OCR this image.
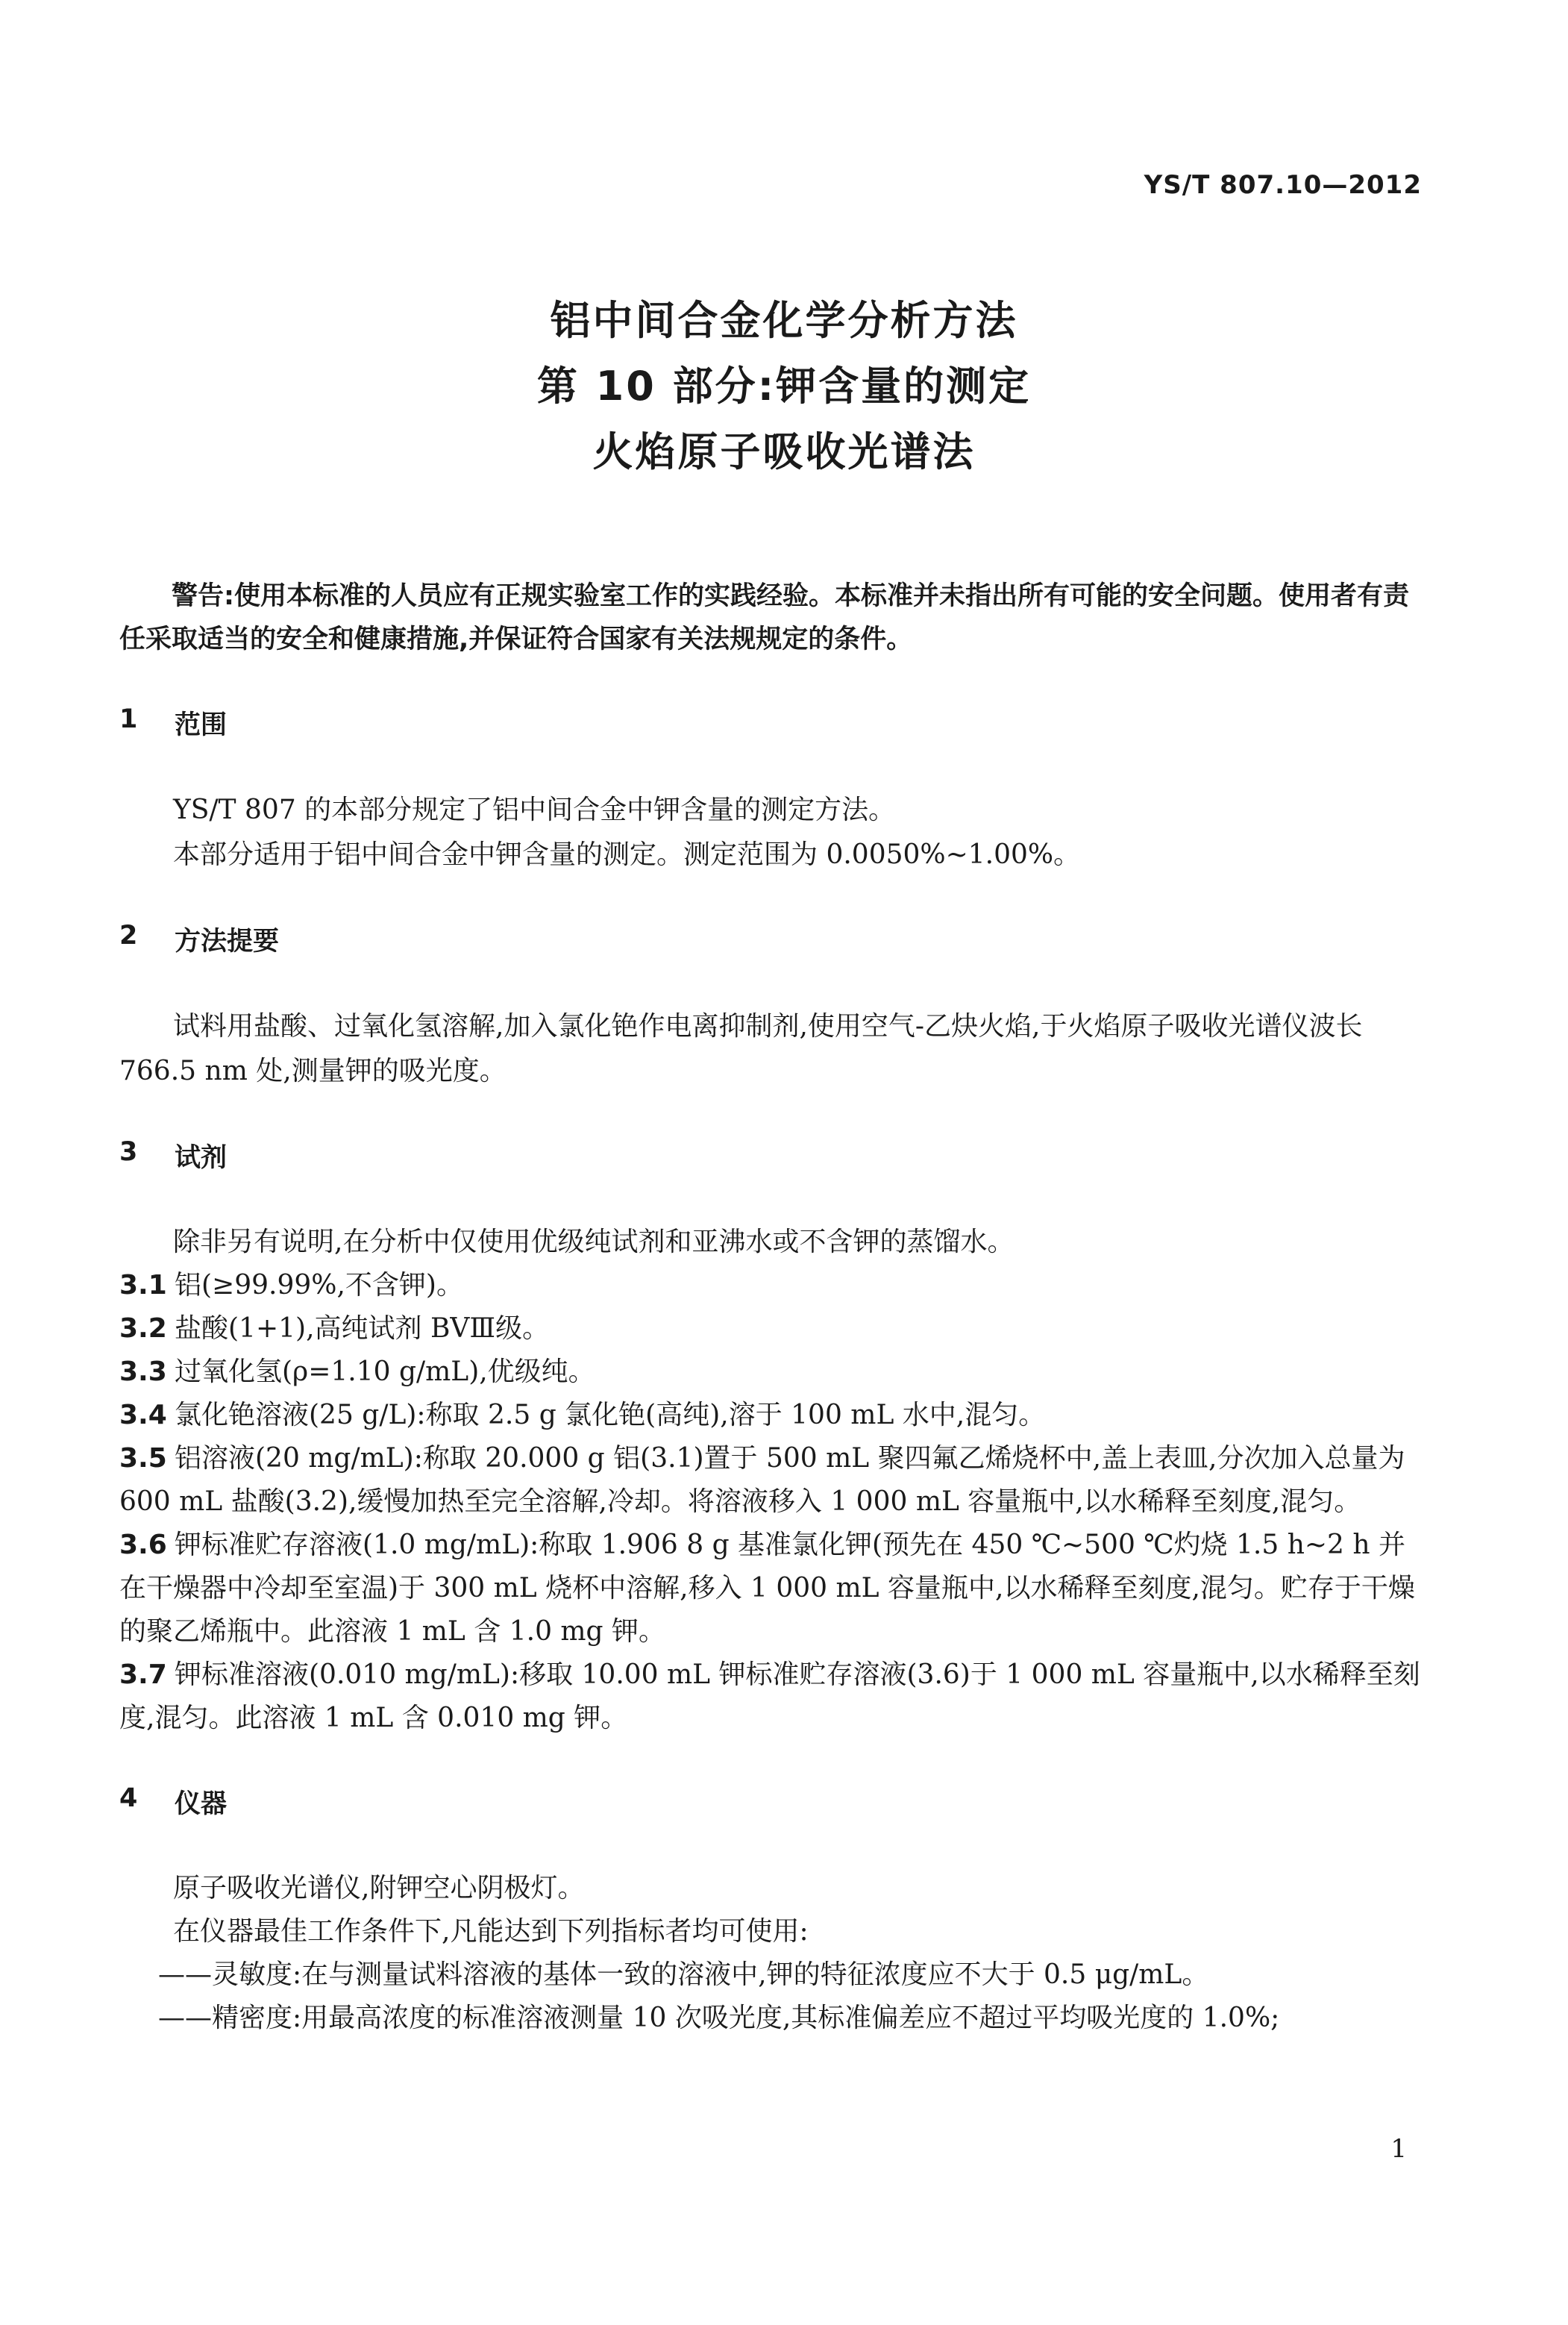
YS/T 807.10—2012
铝中间合金化学分析方法
第 10 部分:钾含量的测定
火焰原子吸收光谱法

警告:使用本标准的人员应有正规实验室工作的实践经验。本标准并未指出所有可能的安全问题。使用者有责任采取适当的安全和健康措施,并保证符合国家有关法规规定的条件。

1	范围

YS/T 807 的本部分规定了铝中间合金中钾含量的测定方法。

本部分适用于铝中间合金中钾含量的测定。测定范围为 0.0050%~1.00%。

2	方法提要

试料用盐酸、过氧化氢溶解,加入氯化铯作电离抑制剂,使用空气-乙炔火焰,于火焰原子吸收光谱仪波长 766.5 nm 处,测量钾的吸光度。

3	试剂

除非另有说明,在分析中仅使用优级纯试剂和亚沸水或不含钾的蒸馏水。

3.1 铝(≥99.99%,不含钾)。

3.2 盐酸(1+1),高纯试剂 BVⅢ级。

3.3 过氧化氢(ρ=1.10 g/mL),优级纯。

3.4 氯化铯溶液(25 g/L):称取 2.5 g 氯化铯(高纯),溶于 100 mL 水中,混匀。

3.5 铝溶液(20 mg/mL):称取 20.000 g 铝(3.1)置于 500 mL 聚四氟乙烯烧杯中,盖上表皿,分次加入总量为 600 mL 盐酸(3.2),缓慢加热至完全溶解,冷却。将溶液移入 1 000 mL 容量瓶中,以水稀释至刻度,混匀。

3.6 钾标准贮存溶液(1.0 mg/mL):称取 1.906 8 g 基准氯化钾(预先在 450 ℃~500 ℃灼烧 1.5 h~2 h 并在干燥器中冷却至室温)于 300 mL 烧杯中溶解,移入 1 000 mL 容量瓶中,以水稀释至刻度,混匀。贮存于干燥的聚乙烯瓶中。此溶液 1 mL 含 1.0 mg 钾。

3.7 钾标准溶液(0.010 mg/mL):移取 10.00 mL 钾标准贮存溶液(3.6)于 1 000 mL 容量瓶中,以水稀释至刻度,混匀。此溶液 1 mL 含 0.010 mg 钾。

4	仪器

原子吸收光谱仪,附钾空心阴极灯。

在仪器最佳工作条件下,凡能达到下列指标者均可使用:

——灵敏度:在与测量试料溶液的基体一致的溶液中,钾的特征浓度应不大于 0.5 μg/mL。

——精密度:用最高浓度的标准溶液测量 10 次吸光度,其标准偏差应不超过平均吸光度的 1.0%;

1
